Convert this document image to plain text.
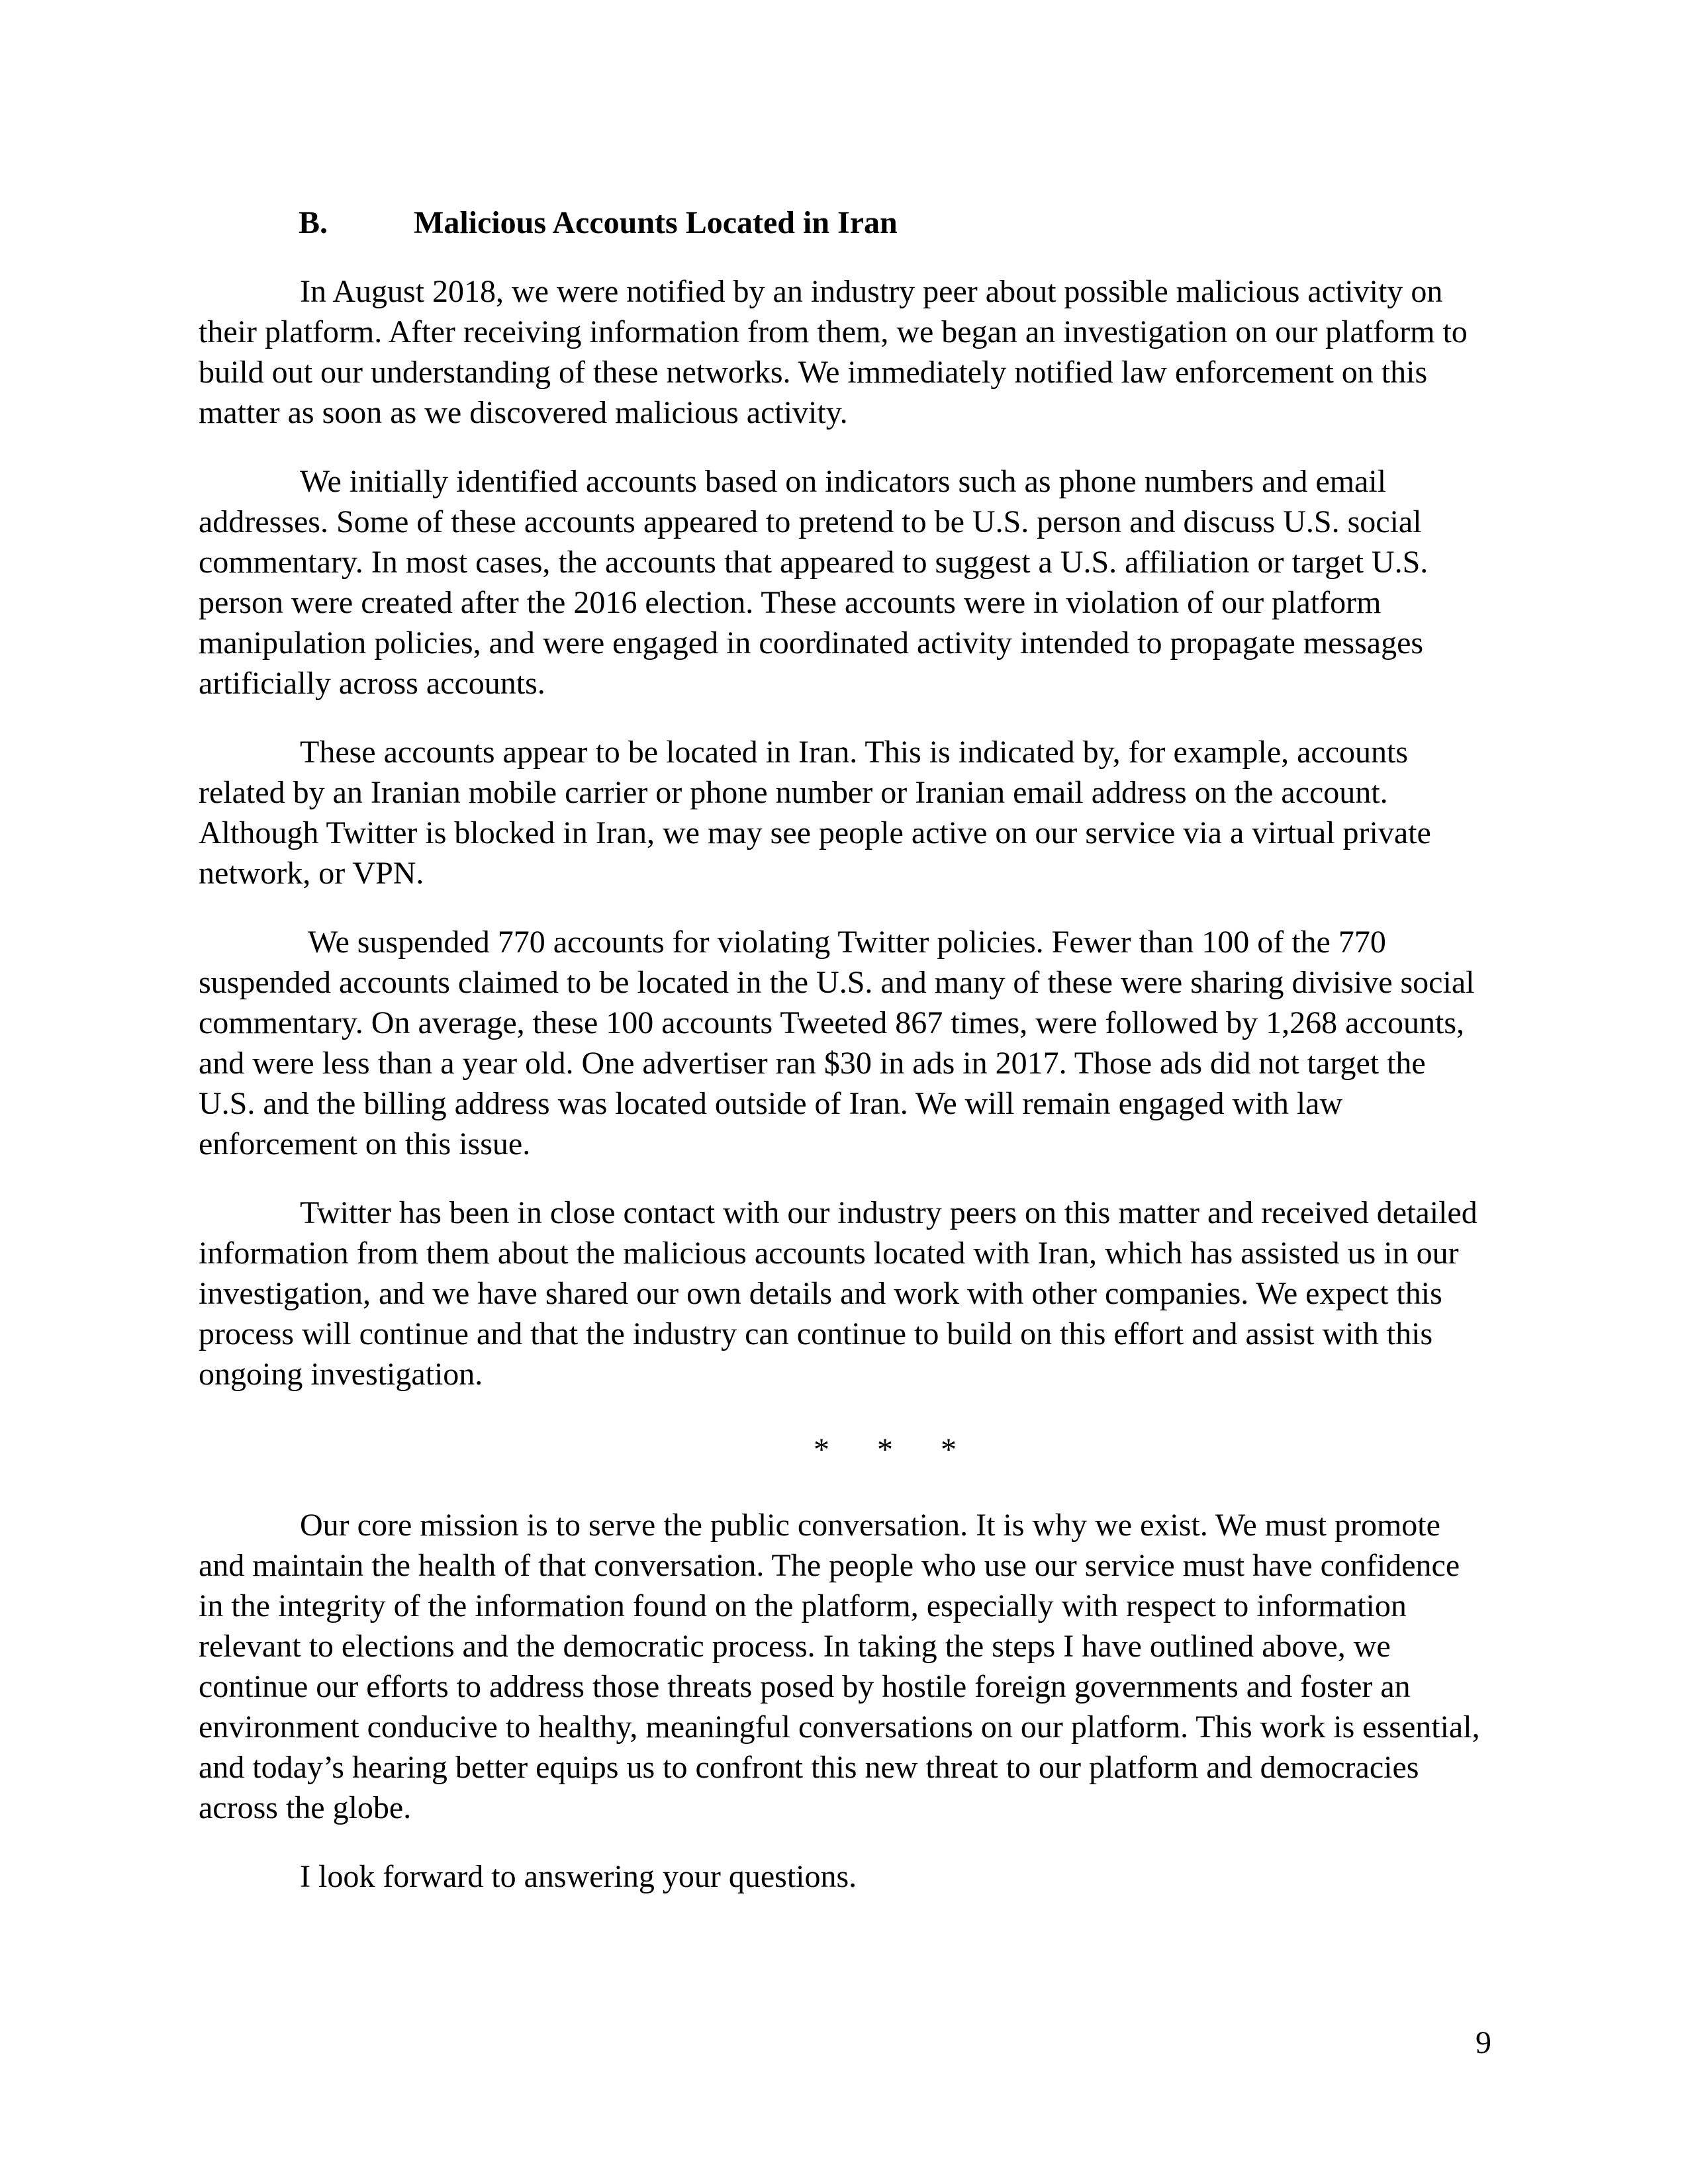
B.	Malicious Accounts Located in Iran

In August 2018, we were notified by an industry peer about possible malicious activity on their platform. After receiving information from them, we began an investigation on our platform to build out our understanding of these networks. We immediately notified law enforcement on this matter as soon as we discovered malicious activity.

We initially identified accounts based on indicators such as phone numbers and email addresses. Some of these accounts appeared to pretend to be U.S. person and discuss U.S. social commentary. In most cases, the accounts that appeared to suggest a U.S. affiliation or target U.S. person were created after the 2016 election. These accounts were in violation of our platform manipulation policies, and were engaged in coordinated activity intended to propagate messages artificially across accounts.

These accounts appear to be located in Iran. This is indicated by, for example, accounts related by an Iranian mobile carrier or phone number or Iranian email address on the account. Although Twitter is blocked in Iran, we may see people active on our service via a virtual private network, or VPN.

We suspended 770 accounts for violating Twitter policies. Fewer than 100 of the 770 suspended accounts claimed to be located in the U.S. and many of these were sharing divisive social commentary. On average, these 100 accounts Tweeted 867 times, were followed by 1,268 accounts, and were less than a year old. One advertiser ran $30 in ads in 2017. Those ads did not target the U.S. and the billing address was located outside of Iran. We will remain engaged with law enforcement on this issue.

Twitter has been in close contact with our industry peers on this matter and received detailed information from them about the malicious accounts located with Iran, which has assisted us in our investigation, and we have shared our own details and work with other companies. We expect this process will continue and that the industry can continue to build on this effort and assist with this ongoing investigation.

* * *

Our core mission is to serve the public conversation. It is why we exist. We must promote and maintain the health of that conversation. The people who use our service must have confidence in the integrity of the information found on the platform, especially with respect to information relevant to elections and the democratic process. In taking the steps I have outlined above, we continue our efforts to address those threats posed by hostile foreign governments and foster an environment conducive to healthy, meaningful conversations on our platform. This work is essential, and today’s hearing better equips us to confront this new threat to our platform and democracies across the globe.

I look forward to answering your questions.

9
